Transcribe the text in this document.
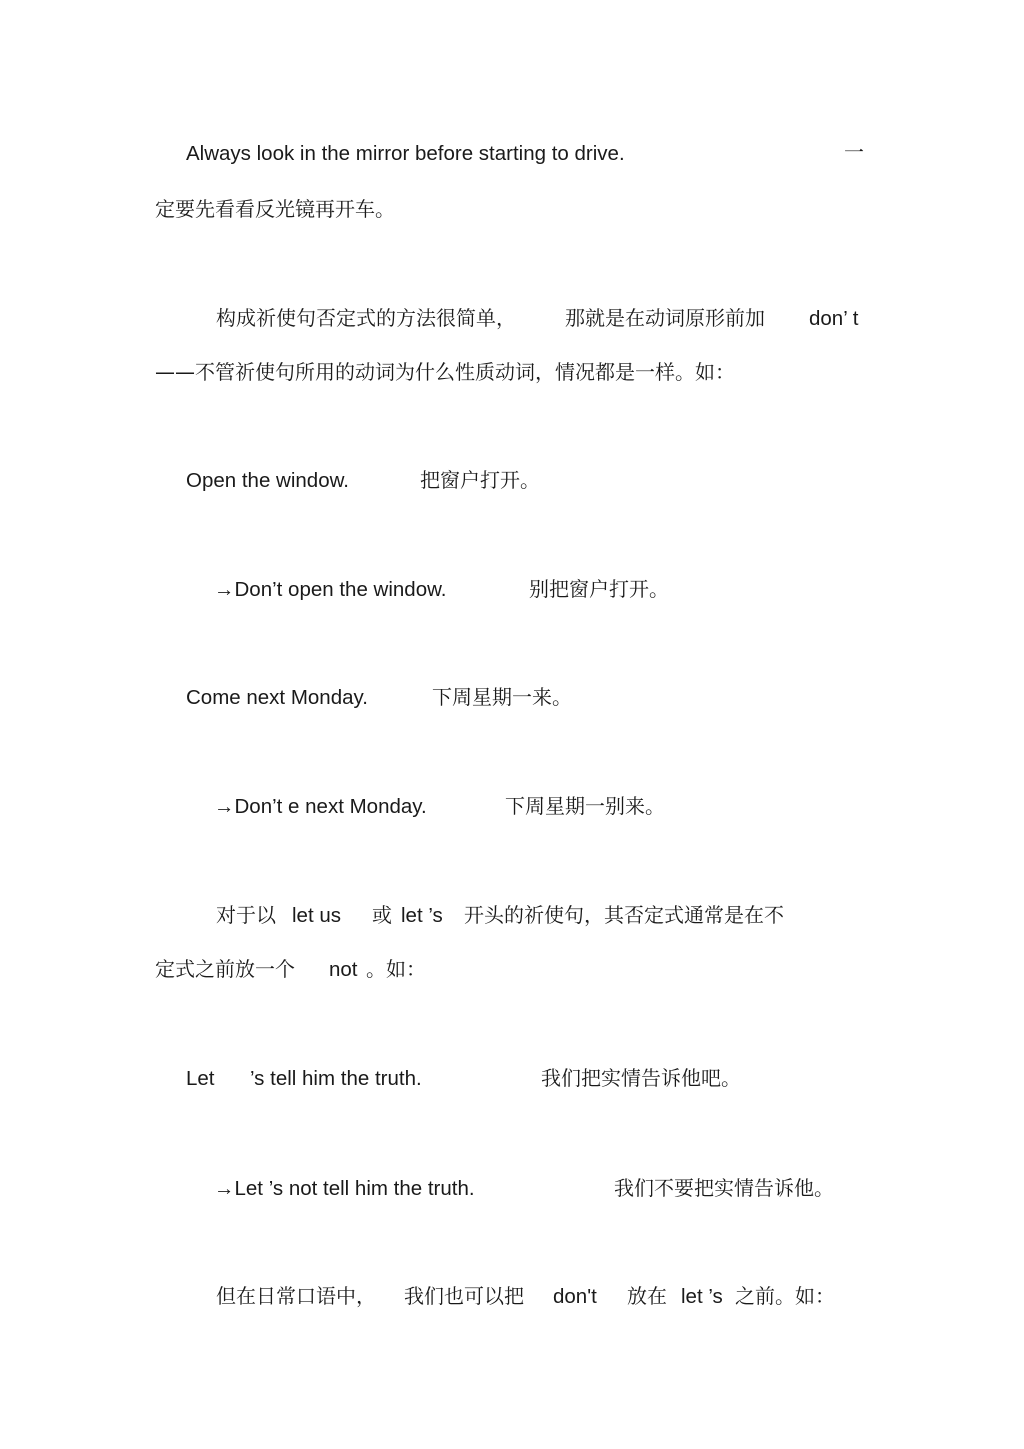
Always look in the mirror before starting to drive.	一
定要先看看反光镜再开车。
构成祈使句否定式的方法很简单， 那就是在动词原形前加 don’ t
——不管祈使句所用的动词为什么性质动词，情况都是一样。如：
Open the window.	把窗户打开。
→Don’t open the window.	别把窗户打开。
Come next Monday.	下周星期一来。
→Don’t e next Monday.	下周星期一别来。
对于以 let us 或 let ’s 开头的祈使句，其否定式通常是在不
定式之前放一个 not 。如：
Let ’s tell him the truth.	我们把实情告诉他吧。
→Let ’s not tell him the truth.	我们不要把实情告诉他。
但在日常口语中， 我们也可以把 don't 放在 let ’s 之前。如：
